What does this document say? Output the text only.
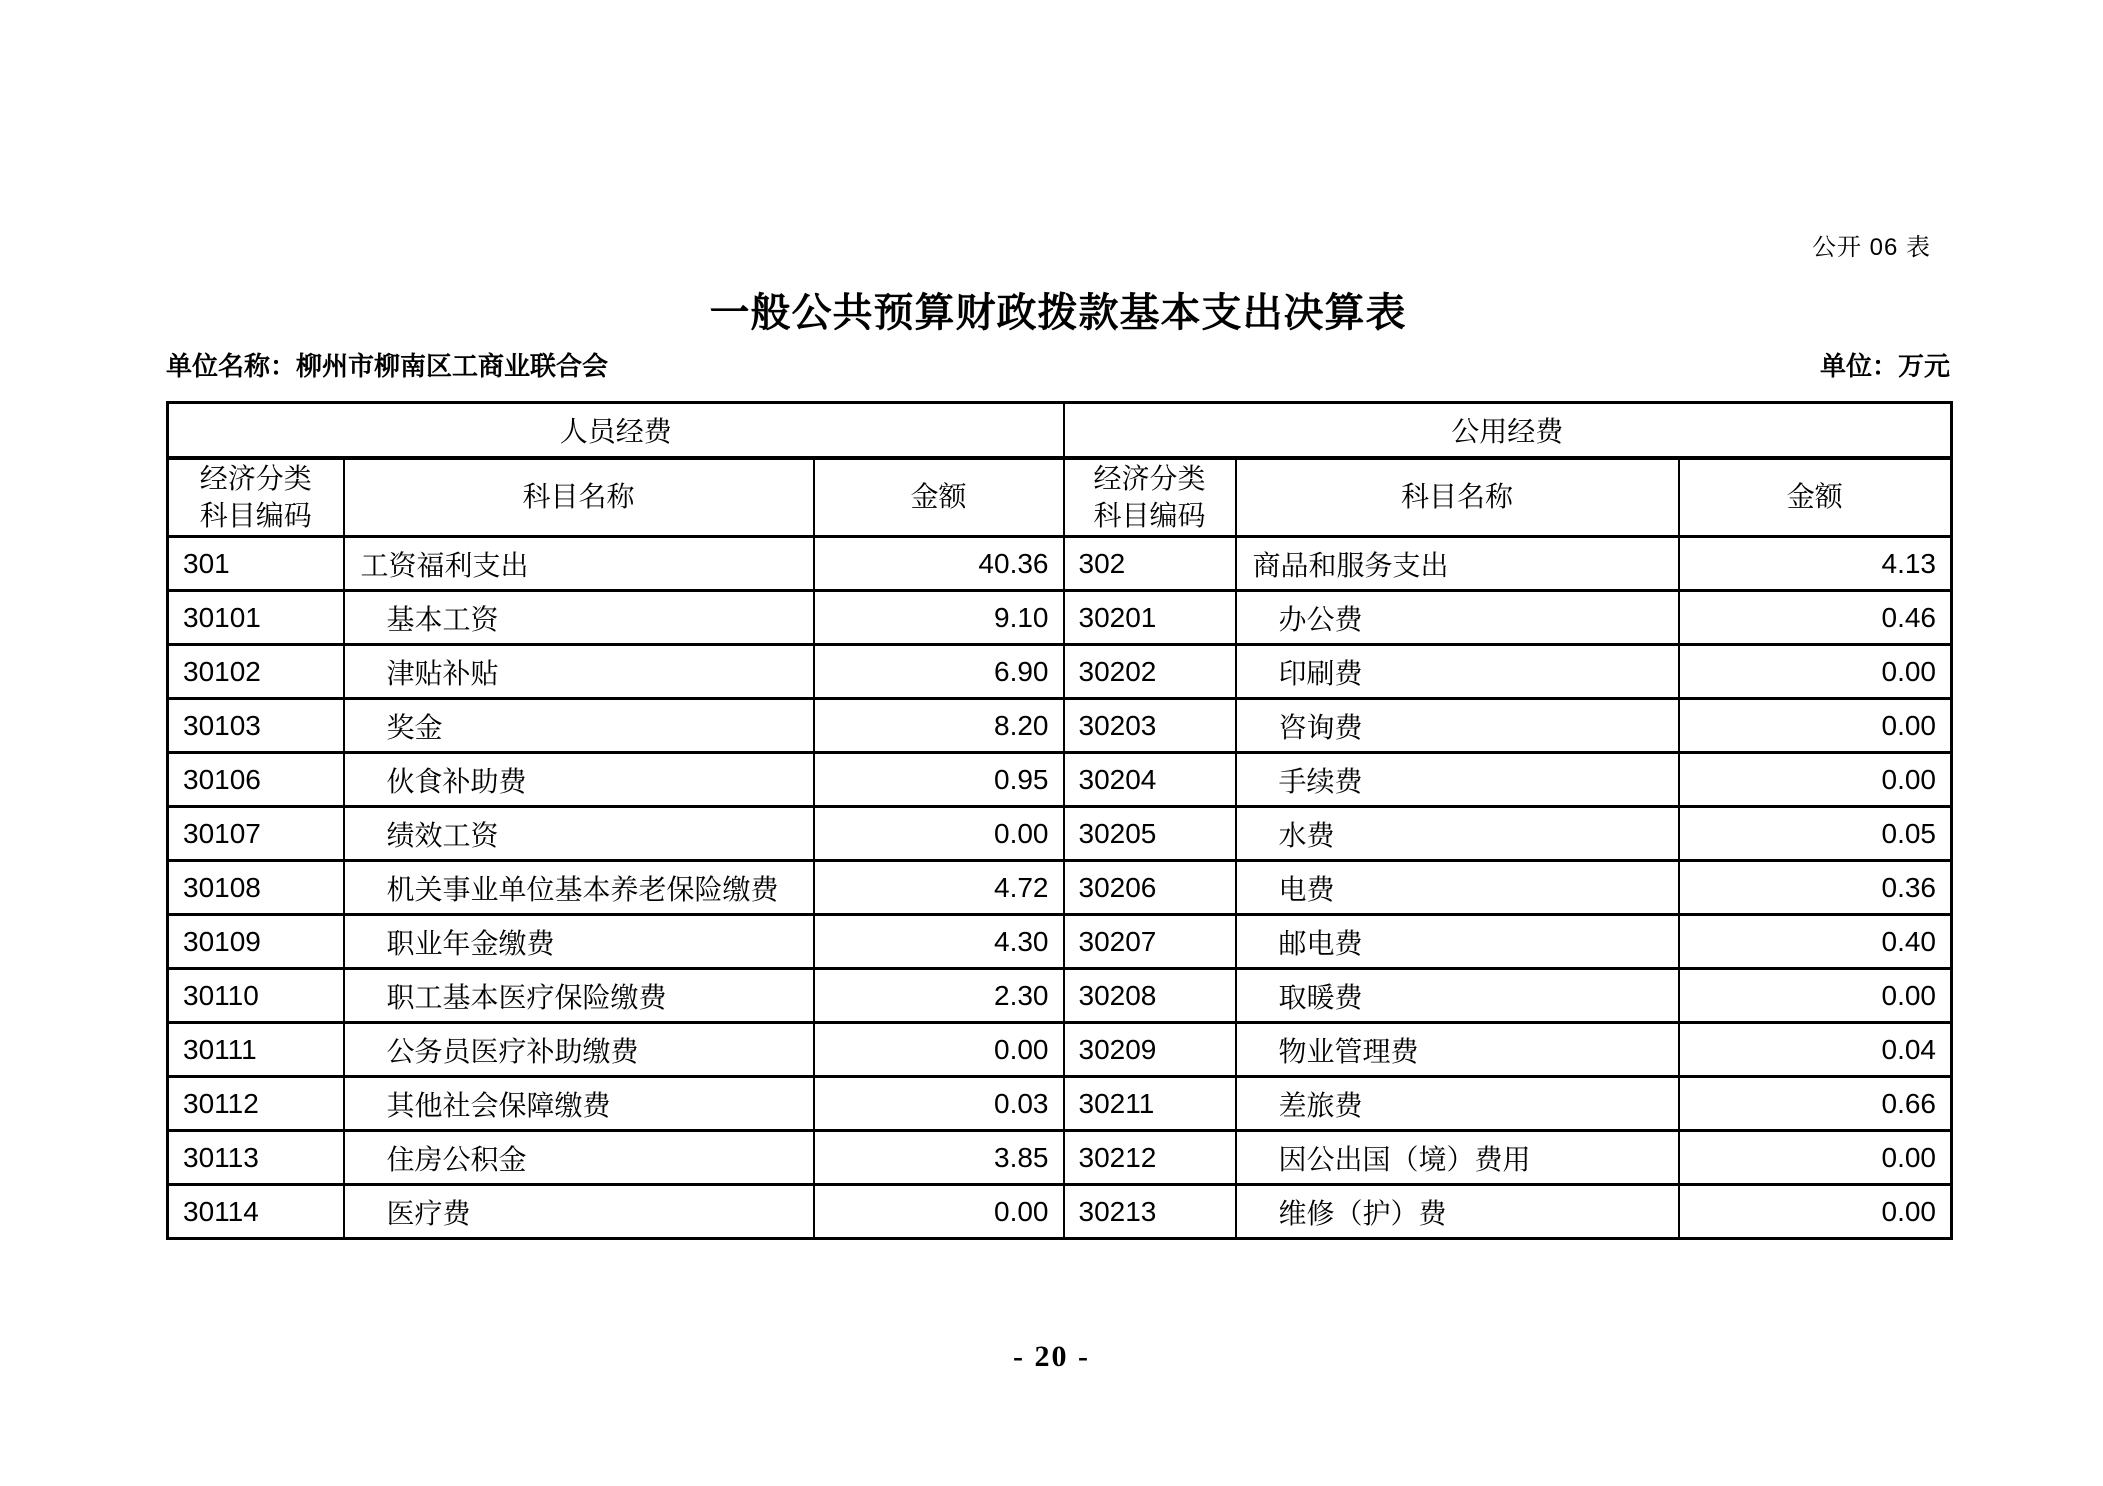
公开 06 表
一般公共预算财政拨款基本支出决算表
单位名称：柳州市柳南区工商业联合会	单位：万元
人员经费			公用经费		

经济分类
科目编码
	科目名称	金额	
经济分类
科目编码
	科目名称	金额
301	工资福利支出	40.36	302	商品和服务支出	4.13
30101	基本工资	9.10	30201	办公费	0.46
30102	津贴补贴	6.90	30202	印刷费	0.00
30103	奖金	8.20	30203	咨询费	0.00
30106	伙食补助费	0.95	30204	手续费	0.00
30107	绩效工资	0.00	30205	水费	0.05
30108	机关事业单位基本养老保险缴费	4.72	30206	电费	0.36
30109	职业年金缴费	4.30	30207	邮电费	0.40
30110	职工基本医疗保险缴费	2.30	30208	取暖费	0.00
30111	公务员医疗补助缴费	0.00	30209	物业管理费	0.04
30112	其他社会保障缴费	0.03	30211	差旅费	0.66
30113	住房公积金	3.85	30212	因公出国（境）费用	0.00
30114	医疗费	0.00	30213	维修（护）费	0.00
- 20 -
